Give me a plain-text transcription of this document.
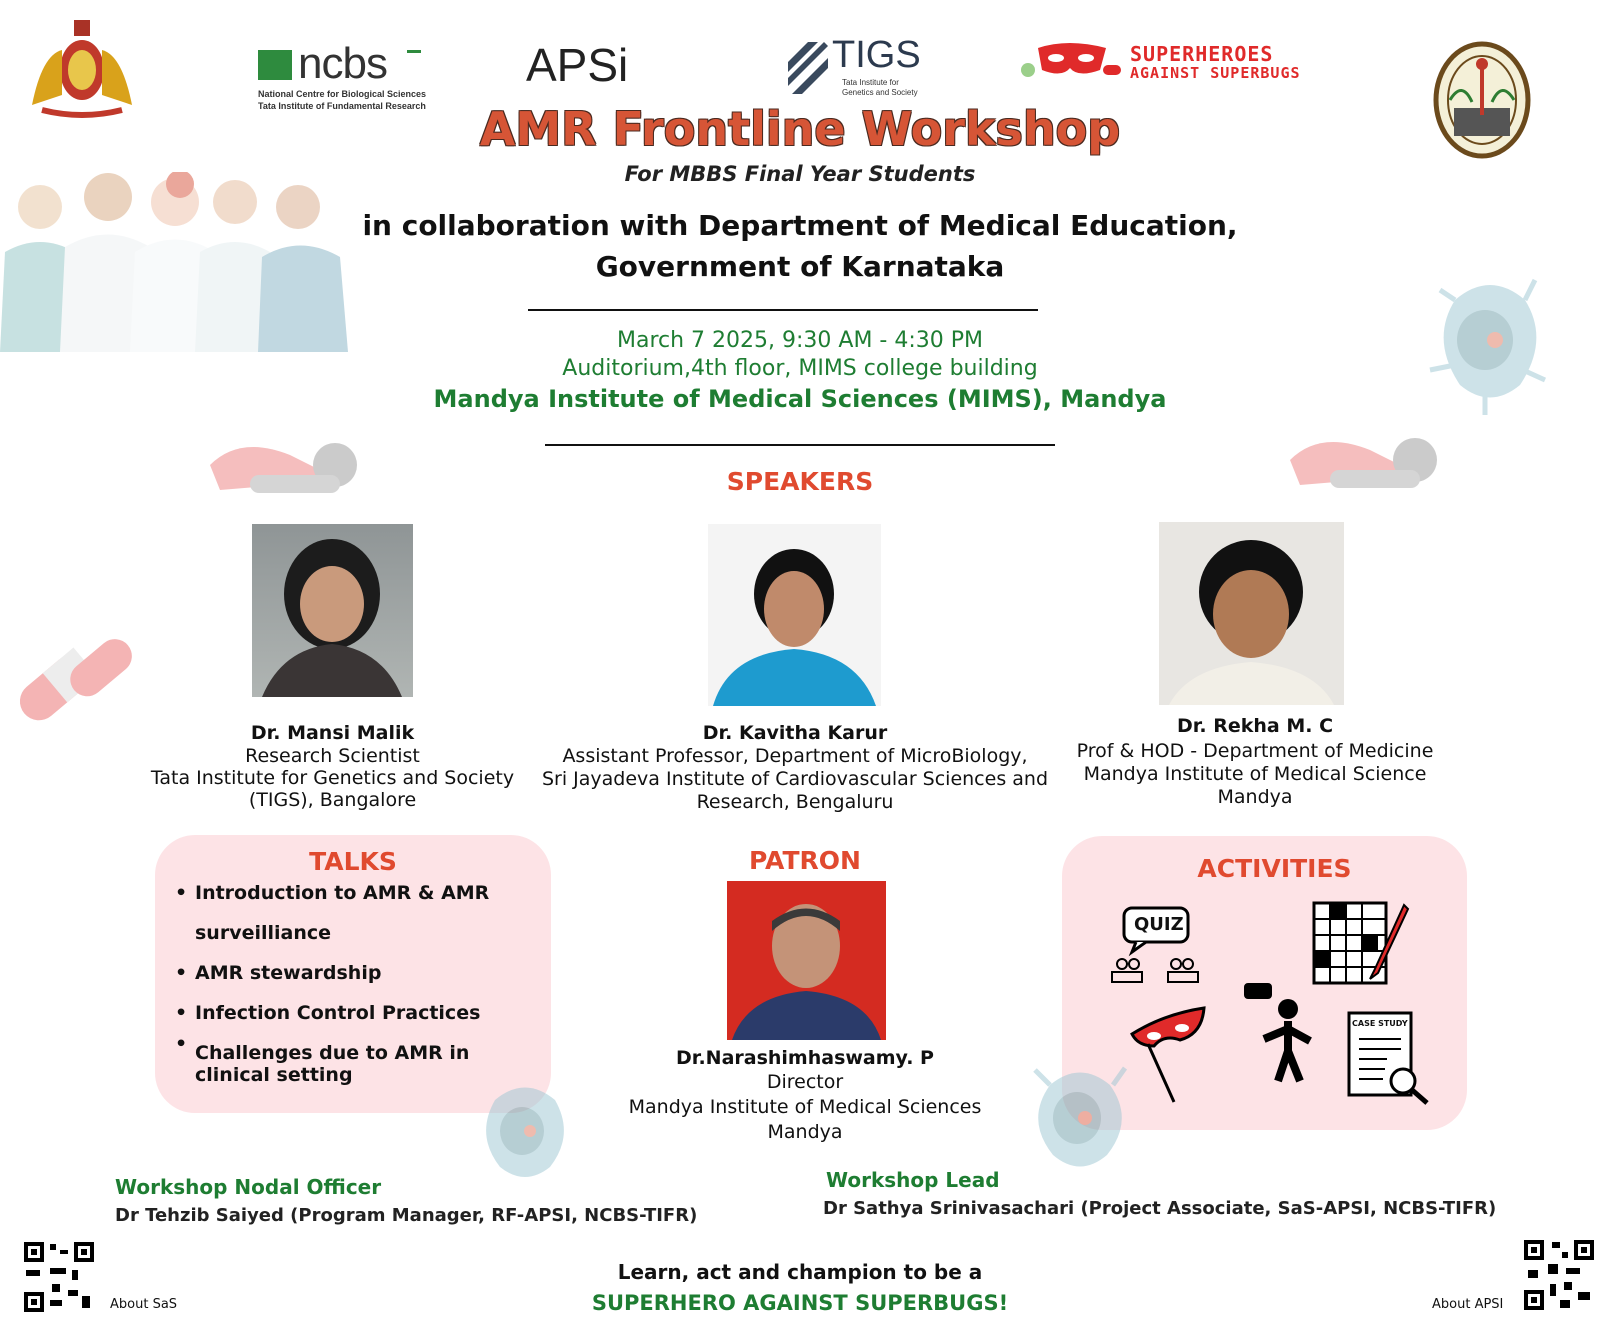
ncbs
National Centre for Biological Sciences
Tata Institute of Fundamental Research
APSi	TIGS
Tata Institute for
Genetics and Society
SUPERHEROES
AGAINST SUPERBUGS
AMR Frontline Workshop
For MBBS Final Year Students
in collaboration with Department of Medical Education,
Government of Karnataka
March 7 2025, 9:30 AM - 4:30 PM
Auditorium,4th floor, MIMS college building
Mandya Institute of Medical Sciences (MIMS), Mandya
SPEAKERS
Dr. Mansi Malik
Research Scientist
Tata Institute for Genetics and Society
(TIGS), Bangalore
Dr. Kavitha Karur
Assistant Professor, Department of MicroBiology,
Sri Jayadeva Institute of Cardiovascular Sciences and
Research, Bengaluru
Dr. Rekha M. C
Prof & HOD - Department of Medicine
Mandya Institute of Medical Science
Mandya
TALKS
• Introduction to AMR & AMR surveilliance
• AMR stewardship
• Infection Control Practices
• Challenges due to AMR in clinical setting
PATRON
Dr.Narashimhaswamy. P
Director
Mandya Institute of Medical Sciences
Mandya
ACTIVITIES
QUIZ
CASE STUDY
Workshop Nodal Officer
Dr Tehzib Saiyed (Program Manager, RF-APSI, NCBS-TIFR)
Workshop Lead
Dr Sathya Srinivasachari (Project Associate, SaS-APSI, NCBS-TIFR)
About SaS
Learn, act and champion to be a
SUPERHERO AGAINST SUPERBUGS!	About APSI
